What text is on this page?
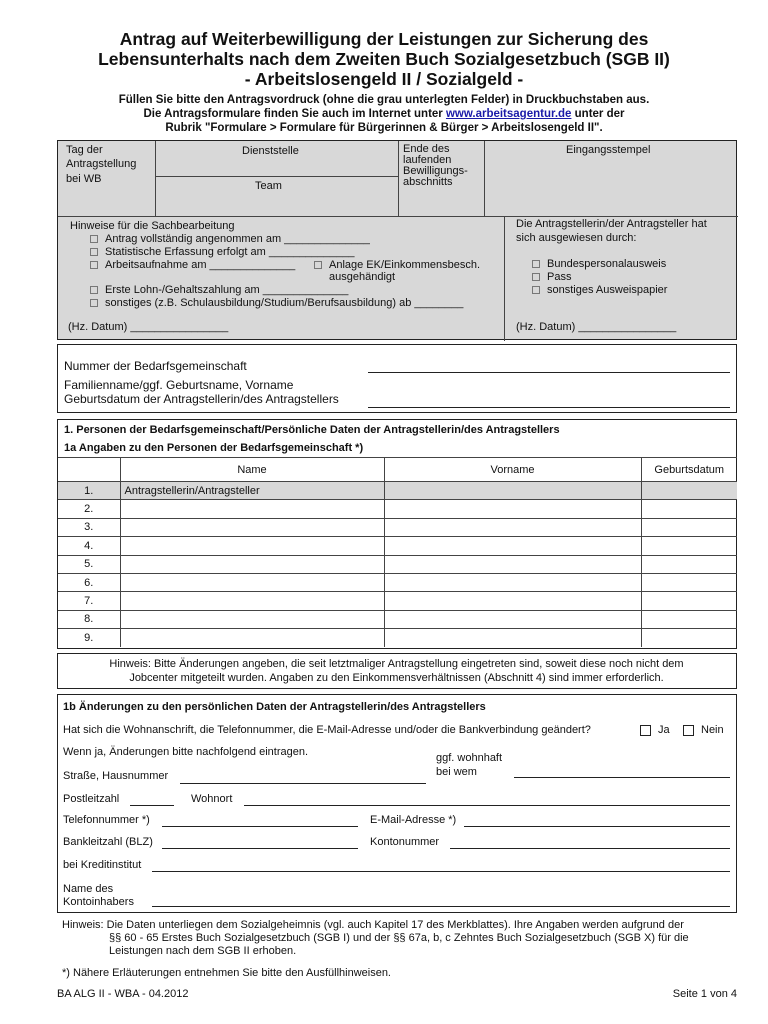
Antrag auf Weiterbewilligung der Leistungen zur Sicherung des
Lebensunterhalts nach dem Zweiten Buch Sozialgesetzbuch (SGB II)
- Arbeitslosengeld II / Sozialgeld -
Füllen Sie bitte den Antragsvordruck (ohne die grau unterlegten Felder) in Druckbuchstaben aus.
Die Antragsformulare finden Sie auch im Internet unter www.arbeitsagentur.de unter der
Rubrik "Formulare > Formulare für Bürgerinnen & Bürger > Arbeitslosengeld II".
Tag der
Antragstellung
bei WB
Dienststelle
Team
Ende des
laufenden
Bewilligungs-
abschnitts
Eingangsstempel
Hinweise für die Sachbearbeitung
Antrag vollständig angenommen am ______________
Statistische Erfassung erfolgt am ______________
Arbeitsaufnahme am ______________	Anlage EK/Einkommensbesch.
ausgehändigt
Erste Lohn-/Gehaltszahlung am ______________
sonstiges (z.B. Schulausbildung/Studium/Berufsausbildung) ab ________
(Hz. Datum) ________________
Die Antragstellerin/der Antragsteller hat
sich ausgewiesen durch:
Bundespersonalausweis
Pass
sonstiges Ausweispapier
(Hz. Datum) ________________
Nummer der Bedarfsgemeinschaft
Familienname/ggf. Geburtsname, Vorname
Geburtsdatum der Antragstellerin/des Antragstellers
1. Personen der Bedarfsgemeinschaft/Persönliche Daten der Antragstellerin/des Antragstellers
1a Angaben zu den Personen der Bedarfsgemeinschaft *)
	Name	Vorname	Geburtsdatum
1.	Antragstellerin/Antragsteller		
2.			
3.			
4.			
5.			
6.			
7.			
8.			
9.			
Hinweis: Bitte Änderungen angeben, die seit letztmaliger Antragstellung eingetreten sind, soweit diese noch nicht dem
Jobcenter mitgeteilt wurden. Angaben zu den Einkommensverhältnissen (Abschnitt 4) sind immer erforderlich.
1b Änderungen zu den persönlichen Daten der Antragstellerin/des Antragstellers
Hat sich die Wohnanschrift, die Telefonnummer, die E-Mail-Adresse und/oder die Bankverbindung geändert?	Ja	Nein
Wenn ja, Änderungen bitte nachfolgend eintragen.	ggf. wohnhaft
bei wem
Straße, Hausnummer
Postleitzahl	Wohnort
Telefonnummer *)	E-Mail-Adresse *)
Bankleitzahl (BLZ)	Kontonummer
bei Kreditinstitut
Name des
Kontoinhabers
Hinweis: Die Daten unterliegen dem Sozialgeheimnis (vgl. auch Kapitel 17 des Merkblattes). Ihre Angaben werden aufgrund der
§§ 60 - 65 Erstes Buch Sozialgesetzbuch (SGB I) und der §§ 67a, b, c Zehntes Buch Sozialgesetzbuch (SGB X) für die
Leistungen nach dem SGB II erhoben.
*) Nähere Erläuterungen entnehmen Sie bitte den Ausfüllhinweisen.
BA ALG II - WBA - 04.2012	Seite 1 von 4
